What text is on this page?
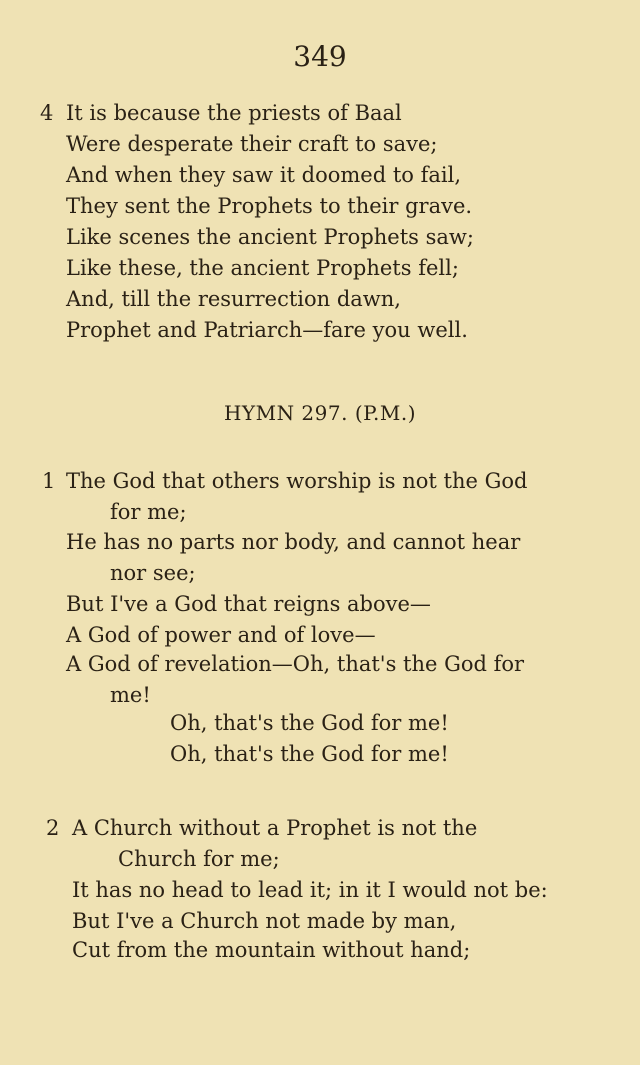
349
4 It is because the priests of Baal
Were desperate their craft to save;
And when they saw it doomed to fail,
They sent the Prophets to their grave.
Like scenes the ancient Prophets saw;
Like these, the ancient Prophets fell;
And, till the resurrection dawn,
Prophet and Patriarch—fare you well.
HYMN 297. (P.M.)
1 The God that others worship is not the God
for me;
He has no parts nor body, and cannot hear
nor see;
But I've a God that reigns above—
A God of power and of love—
A God of revelation—Oh, that's the God for
me!
Oh, that's the God for me!
Oh, that's the God for me!
2 A Church without a Prophet is not the
Church for me;
It has no head to lead it; in it I would not be:
But I've a Church not made by man,
Cut from the mountain without hand;
